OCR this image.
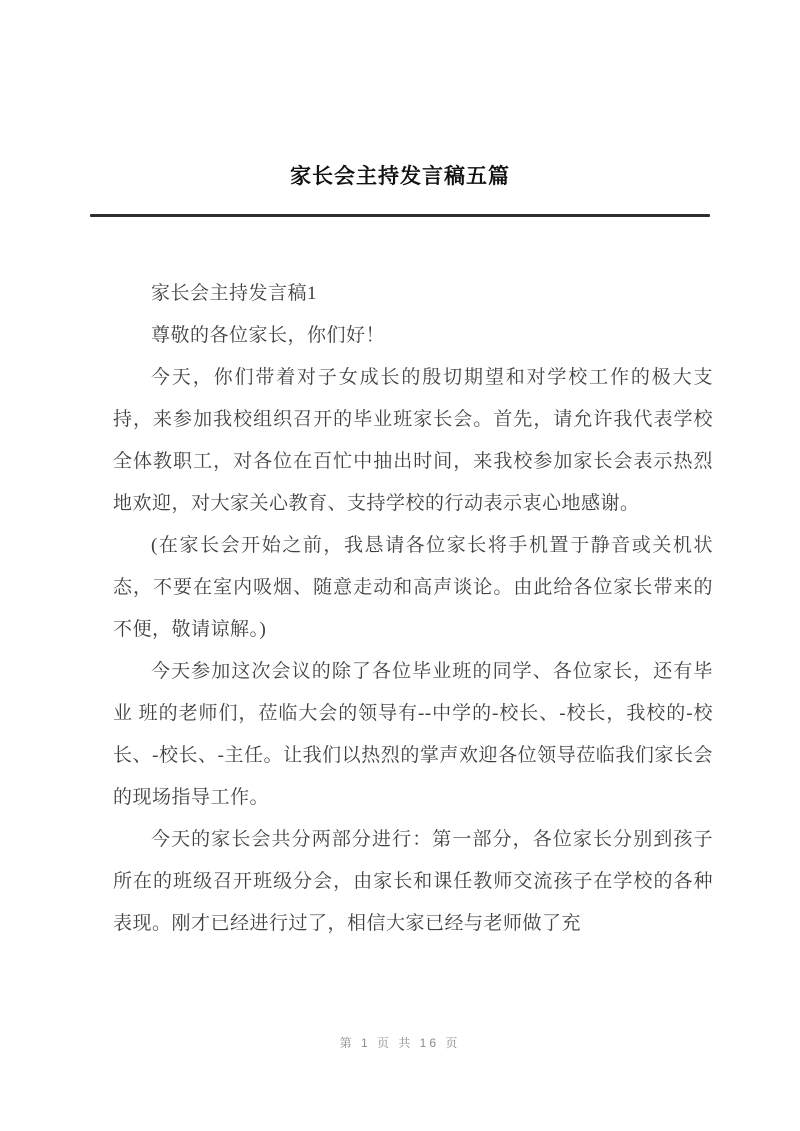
家长会主持发言稿五篇

家长会主持发言稿1

尊敬的各位家长，你们好！

今天，你们带着对子女成长的殷切期望和对学校工作的极大支持，来参加我校组织召开的毕业班家长会。首先，请允许我代表学校全体教职工，对各位在百忙中抽出时间，来我校参加家长会表示热烈地欢迎，对大家关心教育、支持学校的行动表示衷心地感谢。

(在家长会开始之前，我恳请各位家长将手机置于静音或关机状态，不要在室内吸烟、随意走动和高声谈论。由此给各位家长带来的不便，敬请谅解。)

今天参加这次会议的除了各位毕业班的同学、各位家长，还有毕业 班的老师们，莅临大会的领导有--中学的-校长、-校长，我校的-校长、-校长、-主任。让我们以热烈的掌声欢迎各位领导莅临我们家长会的现场指导工作。

今天的家长会共分两部分进行：第一部分，各位家长分别到孩子所在的班级召开班级分会，由家长和课任教师交流孩子在学校的各种表现。刚才已经进行过了，相信大家已经与老师做了充

第 1 页 共 16 页
